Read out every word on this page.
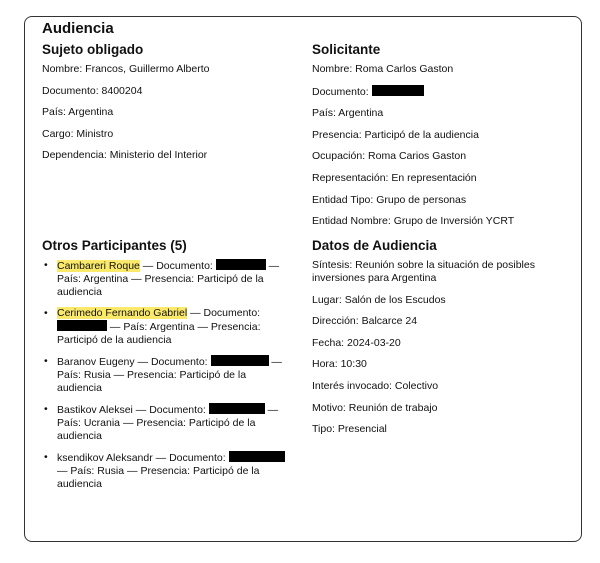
Audiencia
Sujeto obligado
Nombre: Francos, Guillermo Alberto
Documento: 8400204
País: Argentina
Cargo: Ministro
Dependencia: Ministerio del Interior
Solicitante
Nombre: Roma Carlos Gaston
Documento:
País: Argentina
Presencia: Participó de la audiencia
Ocupación: Roma Carios Gaston
Representación: En representación
Entidad Tipo: Grupo de personas
Entidad Nombre: Grupo de Inversión YCRT
Otros Participantes (5)
• Cambareri Roque — Documento:	— País: Argentina — Presencia: Participó de la audiencia
• Cerimedo Fernando Gabriel — Documento:  — País: Argentina — Presencia: Participó de la audiencia
• Baranov Eugeny — Documento:	— País: Rusia — Presencia: Participó de la audiencia
• Bastikov Aleksei — Documento:	— País: Ucrania — Presencia: Participó de la audiencia
• ksendikov Aleksandr — Documento:  — País: Rusia — Presencia: Participó de la audiencia
Datos de Audiencia
Síntesis: Reunión sobre la situación de posibles inversiones para Argentina
Lugar: Salón de los Escudos
Dirección: Balcarce 24
Fecha: 2024-03-20
Hora: 10:30
Interés invocado: Colectivo
Motivo: Reunión de trabajo
Tipo: Presencial
